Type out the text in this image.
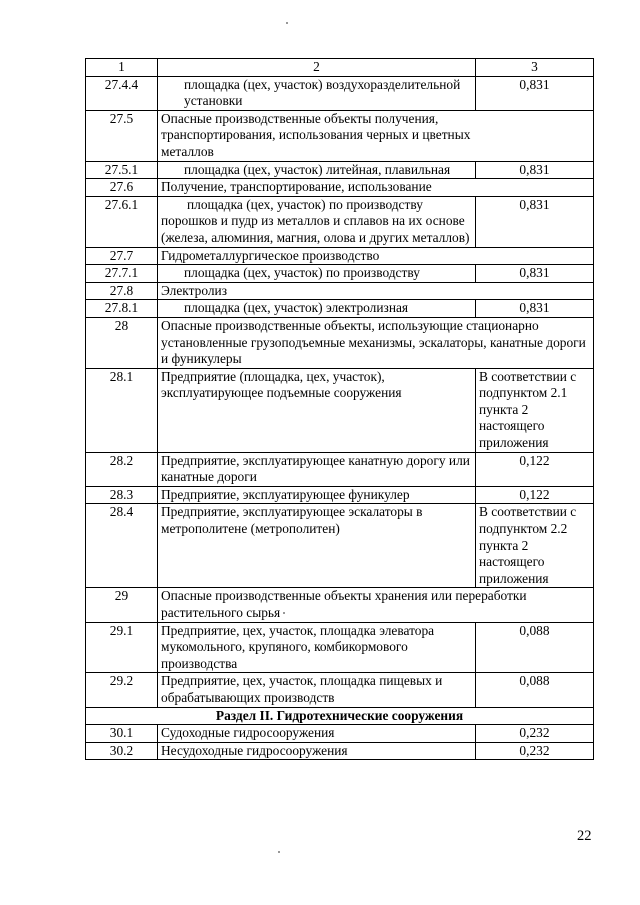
1	2	3
27.4.4	площадка (цех, участок) воздухоразделительной установки	0,831
27.5	Опасные производственные объекты получения, транспортирования, использования черных и цветных металлов	
27.5.1	площадка (цех, участок) литейная, плавильная	0,831
27.6	Получение, транспортирование, использование	
27.6.1	площадка (цех, участок) по производству порошков и пудр из металлов и сплавов на их основе (железа, алюминия, магния, олова и других металлов)	0,831
27.7	Гидрометаллургическое производство	
27.7.1	площадка (цех, участок) по производству	0,831
27.8	Электролиз	
27.8.1	площадка (цех, участок) электролизная	0,831
28	Опасные производственные объекты, использующие стационарно установленные грузоподъемные механизмы, эскалаторы, канатные дороги и фуникулеры	
28.1	Предприятие (площадка, цех, участок), эксплуатирующее подъемные сооружения	В соответствии с подпунктом 2.1 пункта 2 настоящего приложения
28.2	Предприятие, эксплуатирующее канатную дорогу или канатные дороги	0,122
28.3	Предприятие, эксплуатирующее фуникулер	0,122
28.4	Предприятие, эксплуатирующее эскалаторы в метрополитене (метрополитен)	В соответствии с подпунктом 2.2 пункта 2 настоящего приложения
29	Опасные производственные объекты хранения или переработки растительного сырья	
29.1	Предприятие, цех, участок, площадка элеватора мукомольного, крупяного, комбикормового производства	0,088
29.2	Предприятие, цех, участок, площадка пищевых и обрабатывающих производств	0,088
Раздел II. Гидротехнические сооружения		
30.1	Судоходные гидросооружения	0,232
30.2	Несудоходные гидросооружения	0,232
22
